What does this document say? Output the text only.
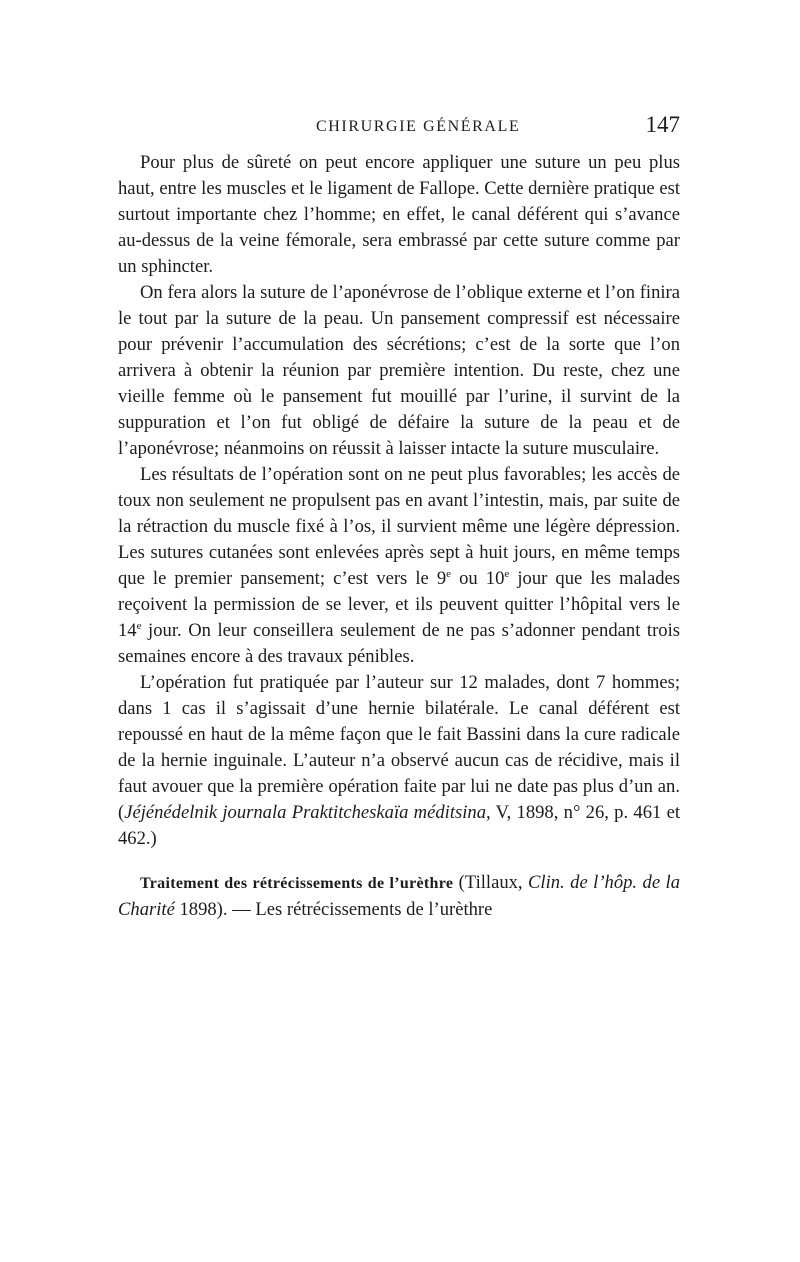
CHIRURGIE GÉNÉRALE	147

Pour plus de sûreté on peut encore appliquer une suture un peu plus haut, entre les muscles et le ligament de Fallope. Cette dernière pratique est surtout importante chez l’homme; en effet, le canal déférent qui s’avance au-dessus de la veine fémorale, sera embrassé par cette suture comme par un sphincter.

On fera alors la suture de l’aponévrose de l’oblique externe et l’on finira le tout par la suture de la peau. Un pansement compressif est nécessaire pour prévenir l’accumulation des sécrétions; c’est de la sorte que l’on arrivera à obtenir la réunion par première intention. Du reste, chez une vieille femme où le pansement fut mouillé par l’urine, il survint de la suppuration et l’on fut obligé de défaire la suture de la peau et de l’aponévrose; néanmoins on réussit à laisser intacte la suture musculaire.

Les résultats de l’opération sont on ne peut plus favorables; les accès de toux non seulement ne propulsent pas en avant l’intestin, mais, par suite de la rétraction du muscle fixé à l’os, il survient même une légère dépression. Les sutures cutanées sont enlevées après sept à huit jours, en même temps que le premier pansement; c’est vers le 9e ou 10e jour que les malades reçoivent la permission de se lever, et ils peuvent quitter l’hôpital vers le 14e jour. On leur conseillera seulement de ne pas s’adonner pendant trois semaines encore à des travaux pénibles.

L’opération fut pratiquée par l’auteur sur 12 malades, dont 7 hommes; dans 1 cas il s’agissait d’une hernie bilatérale. Le canal déférent est repoussé en haut de la même façon que le fait Bassini dans la cure radicale de la hernie inguinale. L’auteur n’a observé aucun cas de récidive, mais il faut avouer que la première opération faite par lui ne date pas plus d’un an. (Jéjénédelnik journala Praktitcheskaïa méditsina, V, 1898, n° 26, p. 461 et 462.)

Traitement des rétrécissements de l’urèthre (Tillaux, Clin. de l’hôp. de la Charité 1898). — Les rétrécissements de l’urèthre
